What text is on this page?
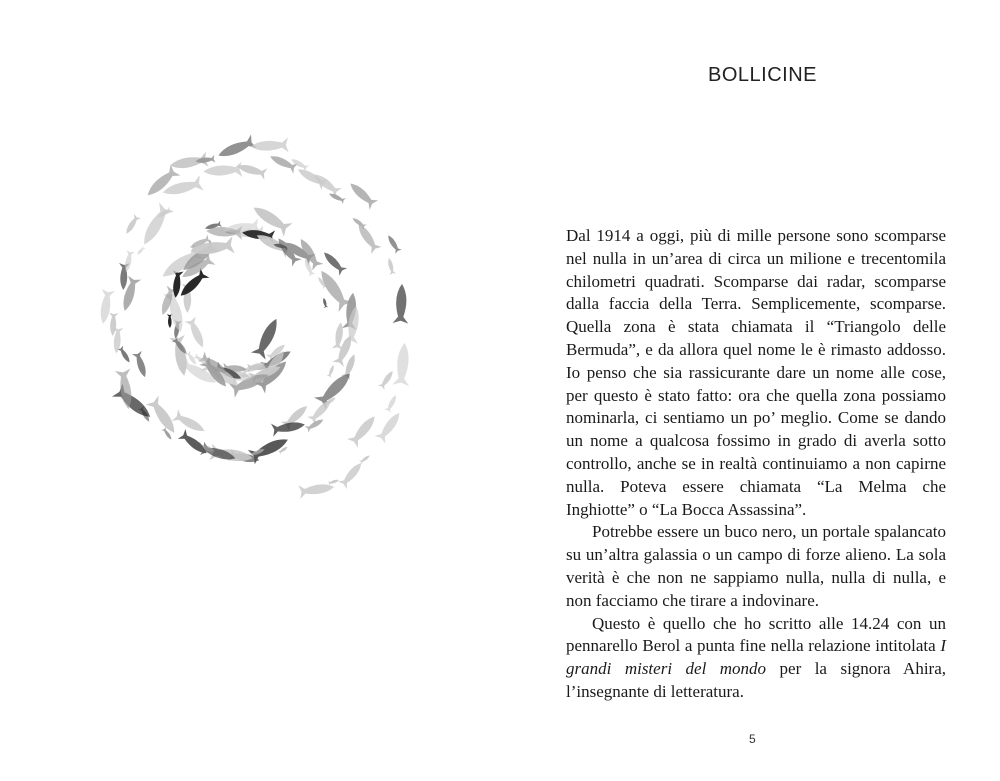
BOLLICINE

Dal 1914 a oggi, più di mille persone sono scomparse nel nulla in un’area di circa un milione e trecentomila chilometri quadrati. Scomparse dai radar, scomparse dalla faccia della Terra. Semplicemente, scomparse. Quella zona è stata chiamata il “Triangolo delle Bermuda”, e da allora quel nome le è rimasto addosso. Io penso che sia rassicurante dare un nome alle cose, per questo è stato fatto: ora che quella zona possiamo nominarla, ci sentiamo un po’ meglio. Come se dando un nome a qualcosa fossimo in grado di averla sotto controllo, anche se in realtà continuiamo a non capirne nulla. Poteva essere chiamata “La Melma che Inghiotte” o “La Bocca Assassina”.

Potrebbe essere un buco nero, un portale spalancato su un’altra galassia o un campo di forze alieno. La sola verità è che non ne sappiamo nulla, nulla di nulla, e non facciamo che tirare a indovinare.

Questo è quello che ho scritto alle 14.24 con un pennarello Berol a punta fine nella relazione intitolata I grandi misteri del mondo per la signora Ahira, l’insegnante di letteratura.

5
